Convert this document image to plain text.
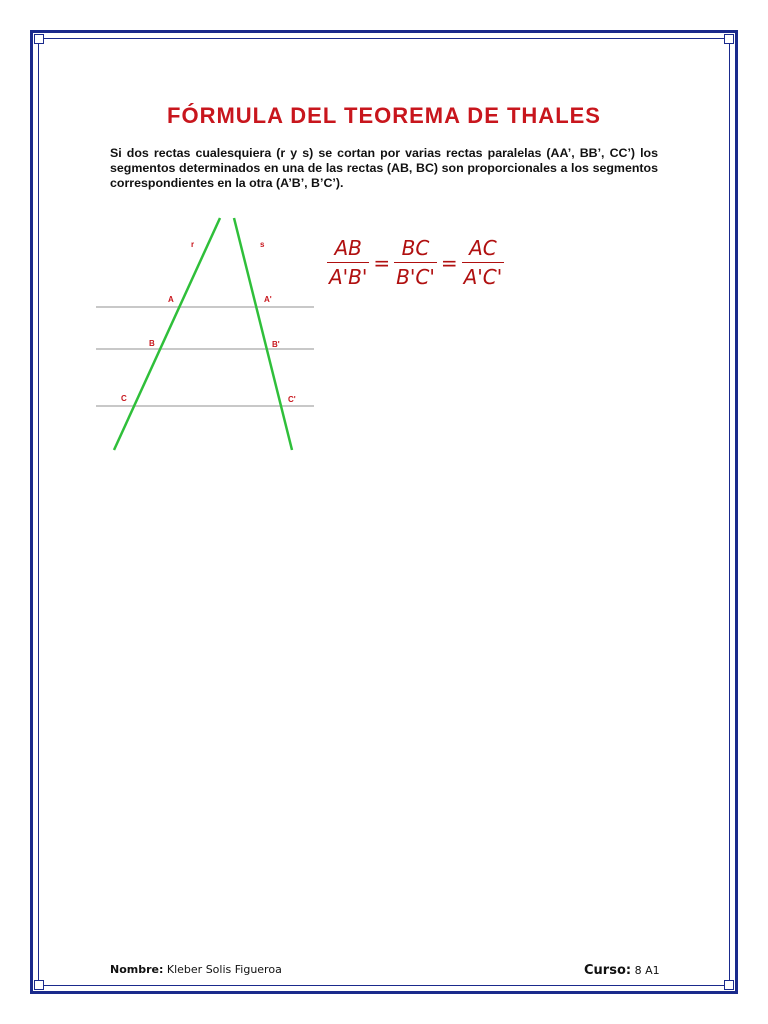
FÓRMULA DEL TEOREMA DE THALES

Si dos rectas cualesquiera (r y s) se cortan por varias rectas paralelas (AA’, BB’, CC’) los segmentos determinados en una de las rectas (AB, BC) son proporcionales a los segmentos correspondientes en la otra (A’B’, B’C’).

r	s
A	A'
B	B'
C	C'
$\frac{AB}{A'B'} = \frac{BC}{B'C'} = \frac{AC}{A'C'}$
Nombre: Kleber Solis Figueroa	Curso: 8 A1
